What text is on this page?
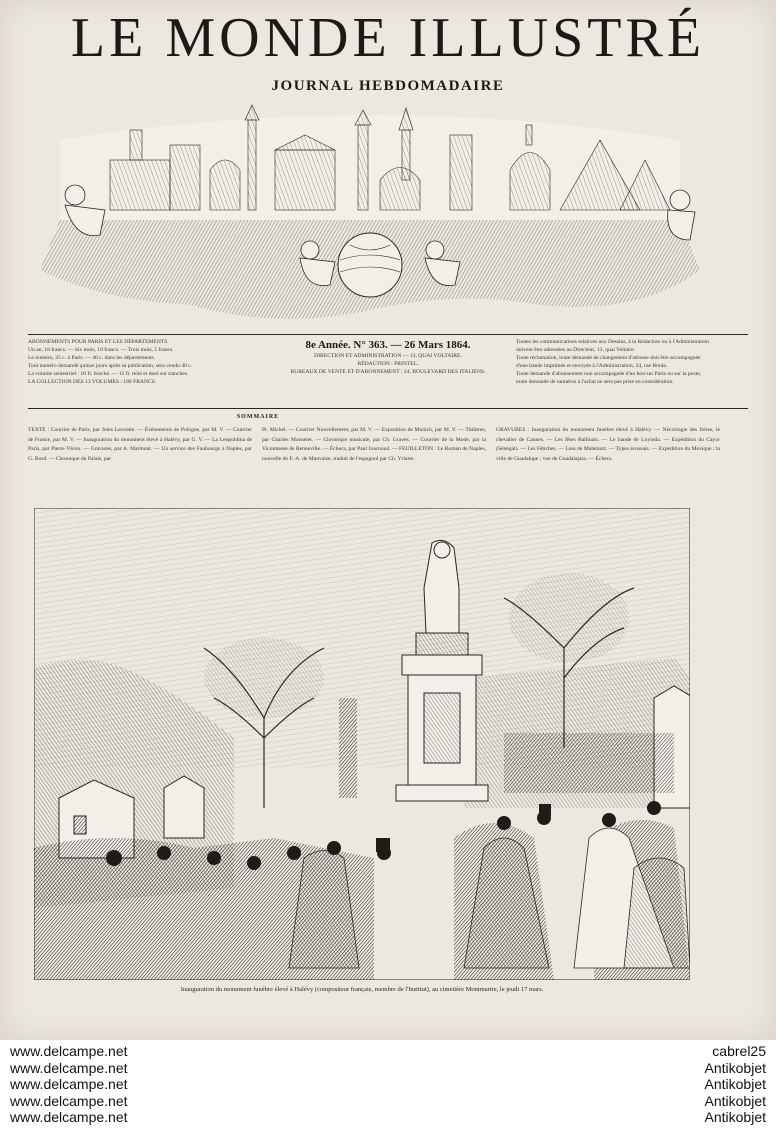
LE MONDE ILLUSTRÉ
JOURNAL HEBDOMADAIRE
ABONNEMENTS POUR PARIS ET LES DÉPARTEMENTS
Un an, 18 francs. — Six mois, 10 francs. — Trois mois, 5 francs.
Le numéro, 35 c. à Paris. — 40 c. dans les départements.
Tout numéro demandé quinze jours après sa publication, sera vendu 40 c.
La volume semestriel : 10 fr. broché. — 15 fr. relié et doré sur tranches.
LA COLLECTION DES 13 VOLUMES : 180 FRANCS.
8e Année. N° 363. — 26 Mars 1864.
DIRECTION ET ADMINISTRATION — 13, QUAI VOLTAIRE.
RÉDACTION : PRINTEL.
BUREAUX DE VENTE ET D'ABONNEMENT : 24, BOULEVARD DES ITALIENS.
Toutes les communications relatives aux Dessins, à la Rédaction ou à l'Administration
doivent être adressées au Directeur, 13, quai Voltaire.
Toute réclamation, toute demande de changement d'adresse doit être accompagnée
d'une bande imprimée et envoyée à l'Administration, 24, rue Breda.
Toute demande d'abonnement non accompagnée d'un bon sur Paris ou sur la poste,
toute demande de numéros à l'achat ne sera pas prise en considération.
SOMMAIRE
TEXTE : Courrier de Paris, par Jules Lecomte. — Événements de Pologne, par M. V. — Courrier de France, par M. V. — Inauguration du monument élevé à Halévy, par G. V. — La Leopoldina de Paris, par Pierre Véron. — Gravures, par A. Marmont. — Un service des Faubourgs à Naples, par G. Bord. — Chronique du Palais, par
Pr. Michel. — Courrier Nouvellement, par M. V. — Exposition de Munich, par M. V. — Théâtres, par Charles Monselet. — Chronique musicale, par Ch. Graves. — Courrier de la Mode, par la Vicomtesse de Renneville. — Échecs, par Paul Journoud. — FEUILLETON : Le Roman de Naples, nouvelle de F.-A. de Mauvaise, traduit de l'espagnol par Ch. Yriarte.
GRAVURES : Inauguration du monument funèbre élevé à Halévy. — Nécrologie des frères, le chevalier de Cannes. — Les fêtes Ballinais. — Le bande de Loyinda. — Expédition du Cayor (Sénégal). — Les Fétiches. — Lieu de Malemort. — Types écossais. — Expédition du Mexique ; la ville de Guadalupe ; vue de Guadalajara. — Échecs.
Inauguration du monument funèbre élevé à Halévy (compositeur français, membre de l'Institut), au cimetière Montmartre, le jeudi 17 mars.
www.delcampe.net
www.delcampe.net
www.delcampe.net
www.delcampe.net
www.delcampe.net
cabrel25
Antikobjet
Antikobjet
Antikobjet
Antikobjet
